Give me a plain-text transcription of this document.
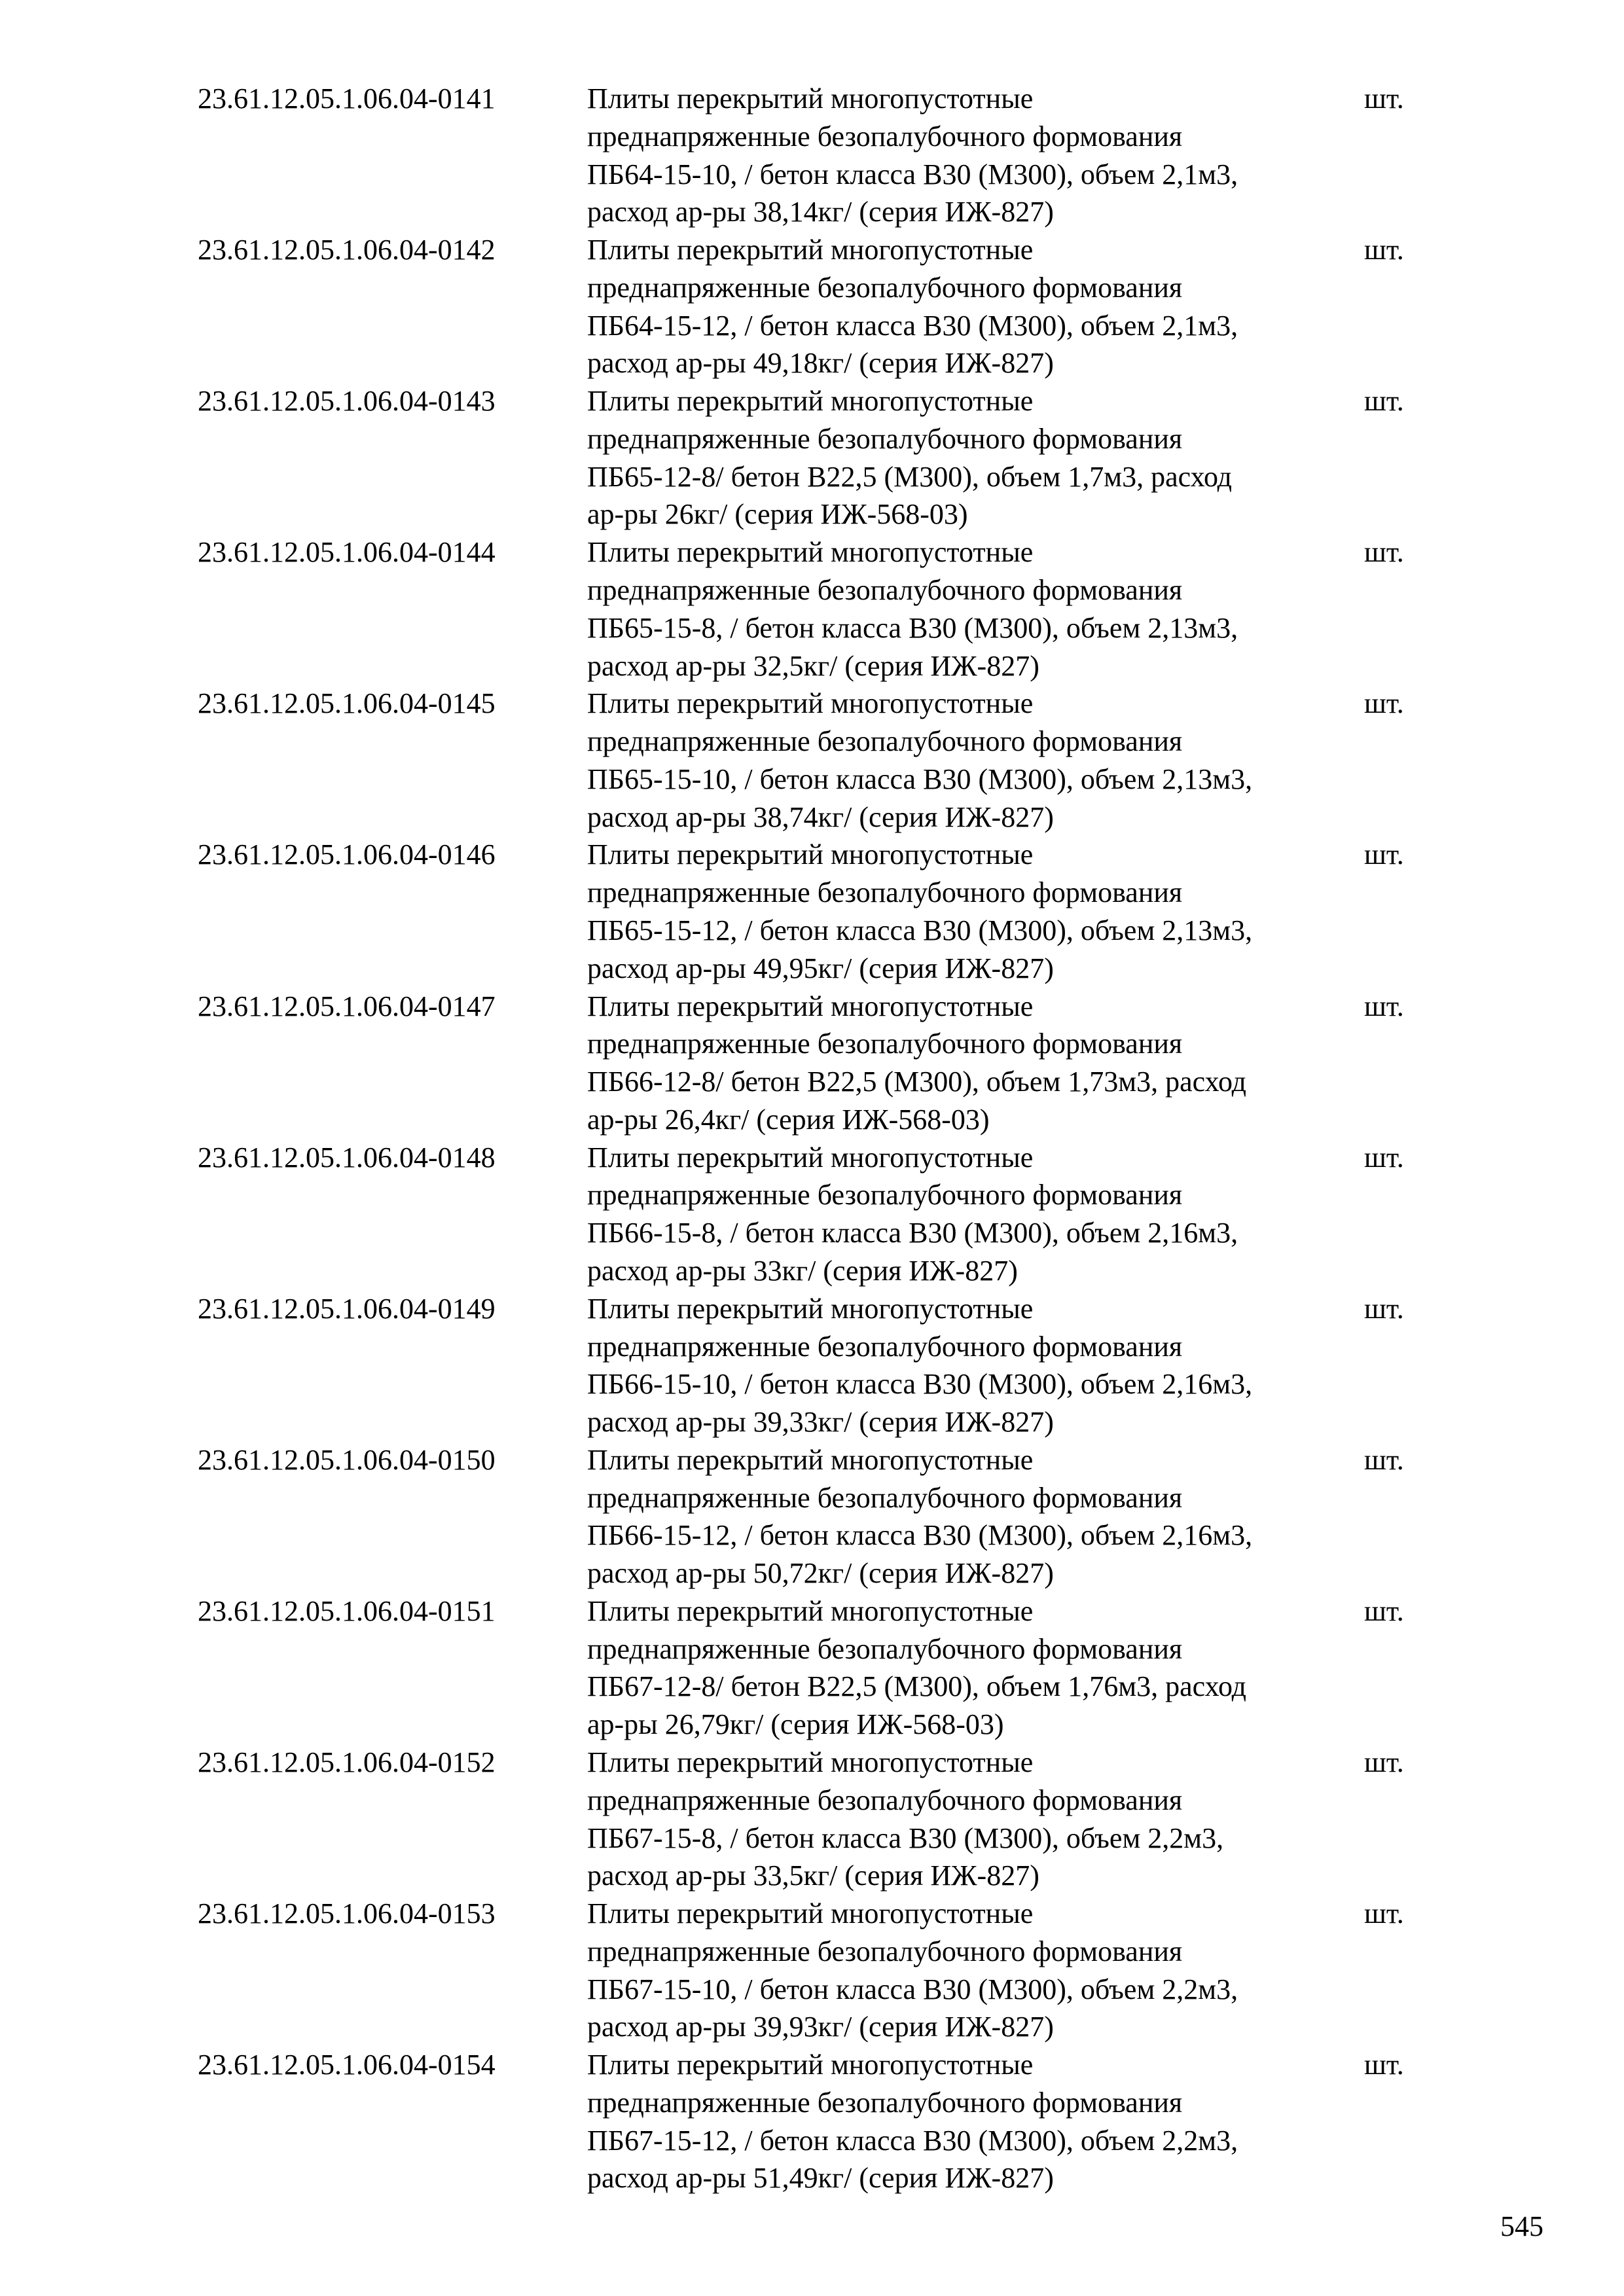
23.61.12.05.1.06.04-0141	Плиты перекрытий многопустотные
преднапряженные безопалубочного формования
ПБ64-15-10, / бетон класса В30 (М300), объем 2,1м3,
расход ар-ры 38,14кг/ (серия ИЖ-827)
шт.
23.61.12.05.1.06.04-0142	Плиты перекрытий многопустотные
преднапряженные безопалубочного формования
ПБ64-15-12, / бетон класса В30 (М300), объем 2,1м3,
расход ар-ры 49,18кг/ (серия ИЖ-827)
шт.
23.61.12.05.1.06.04-0143	Плиты перекрытий многопустотные
преднапряженные безопалубочного формования
ПБ65-12-8/ бетон В22,5 (М300), объем 1,7м3, расход
ар-ры 26кг/ (серия ИЖ-568-03)
шт.
23.61.12.05.1.06.04-0144	Плиты перекрытий многопустотные
преднапряженные безопалубочного формования
ПБ65-15-8, / бетон класса В30 (М300), объем 2,13м3,
расход ар-ры 32,5кг/ (серия ИЖ-827)
шт.
23.61.12.05.1.06.04-0145	Плиты перекрытий многопустотные
преднапряженные безопалубочного формования
ПБ65-15-10, / бетон класса В30 (М300), объем 2,13м3,
расход ар-ры 38,74кг/ (серия ИЖ-827)
шт.
23.61.12.05.1.06.04-0146	Плиты перекрытий многопустотные
преднапряженные безопалубочного формования
ПБ65-15-12, / бетон класса В30 (М300), объем 2,13м3,
расход ар-ры 49,95кг/ (серия ИЖ-827)
шт.
23.61.12.05.1.06.04-0147	Плиты перекрытий многопустотные
преднапряженные безопалубочного формования
ПБ66-12-8/ бетон В22,5 (М300), объем 1,73м3, расход
ар-ры 26,4кг/ (серия ИЖ-568-03)
шт.
23.61.12.05.1.06.04-0148	Плиты перекрытий многопустотные
преднапряженные безопалубочного формования
ПБ66-15-8, / бетон класса В30 (М300), объем 2,16м3,
расход ар-ры 33кг/ (серия ИЖ-827)
шт.
23.61.12.05.1.06.04-0149	Плиты перекрытий многопустотные
преднапряженные безопалубочного формования
ПБ66-15-10, / бетон класса В30 (М300), объем 2,16м3,
расход ар-ры 39,33кг/ (серия ИЖ-827)
шт.
23.61.12.05.1.06.04-0150	Плиты перекрытий многопустотные
преднапряженные безопалубочного формования
ПБ66-15-12, / бетон класса В30 (М300), объем 2,16м3,
расход ар-ры 50,72кг/ (серия ИЖ-827)
шт.
23.61.12.05.1.06.04-0151	Плиты перекрытий многопустотные
преднапряженные безопалубочного формования
ПБ67-12-8/ бетон В22,5 (М300), объем 1,76м3, расход
ар-ры 26,79кг/ (серия ИЖ-568-03)
шт.
23.61.12.05.1.06.04-0152	Плиты перекрытий многопустотные
преднапряженные безопалубочного формования
ПБ67-15-8, / бетон класса В30 (М300), объем 2,2м3,
расход ар-ры 33,5кг/ (серия ИЖ-827)
шт.
23.61.12.05.1.06.04-0153	Плиты перекрытий многопустотные
преднапряженные безопалубочного формования
ПБ67-15-10, / бетон класса В30 (М300), объем 2,2м3,
расход ар-ры 39,93кг/ (серия ИЖ-827)
шт.
23.61.12.05.1.06.04-0154	Плиты перекрытий многопустотные
преднапряженные безопалубочного формования
ПБ67-15-12, / бетон класса В30 (М300), объем 2,2м3,
расход ар-ры 51,49кг/ (серия ИЖ-827)
шт.
545
